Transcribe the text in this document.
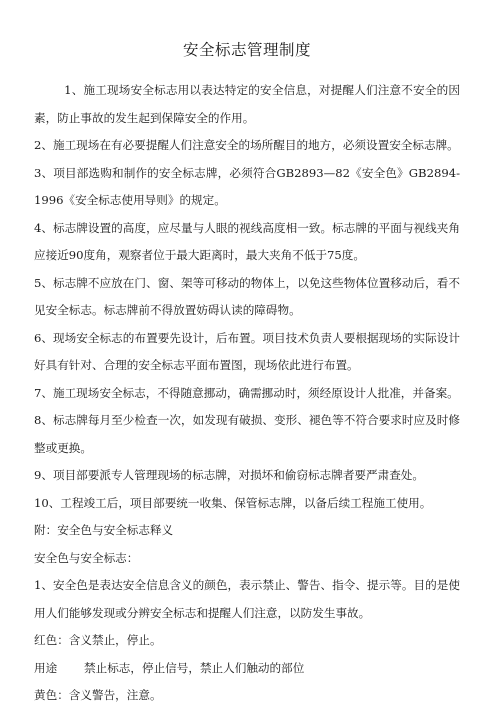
安全标志管理制度

1、施工现场安全标志用以表达特定的安全信息，对提醒人们注意不安全的因素，防止事故的发生起到保障安全的作用。

2、施工现场在有必要提醒人们注意安全的场所醒目的地方，必须设置安全标志牌。

3、项目部选购和制作的安全标志牌，必须符合GB2893—82《安全色》GB2894-1996《安全标志使用导则》的规定。

4、标志牌设置的高度，应尽量与人眼的视线高度相一致。标志牌的平面与视线夹角应接近90度角，观察者位于最大距离时，最大夹角不低于75度。

5、标志牌不应放在门、窗、架等可移动的物体上，以免这些物体位置移动后，看不见安全标志。标志牌前不得放置妨碍认读的障碍物。

6、现场安全标志的布置要先设计，后布置。项目技术负责人要根据现场的实际设计好具有针对、合理的安全标志平面布置图，现场依此进行布置。

7、施工现场安全标志，不得随意挪动，确需挪动时，须经原设计人批准，并备案。

8、标志牌每月至少检查一次，如发现有破损、变形、褪色等不符合要求时应及时修整或更换。

9、项目部要派专人管理现场的标志牌，对损坏和偷窃标志牌者要严肃查处。

10、工程竣工后，项目部要统一收集、保管标志牌，以备后续工程施工使用。

附：安全色与安全标志释义

安全色与安全标志：

1、安全色是表达安全信息含义的颜色，表示禁止、警告、指令、提示等。目的是使用人们能够发现或分辨安全标志和提醒人们注意，以防发生事故。

红色：含义禁止，停止。

用途	禁止标志，停止信号，禁止人们触动的部位

黄色：含义警告，注意。
